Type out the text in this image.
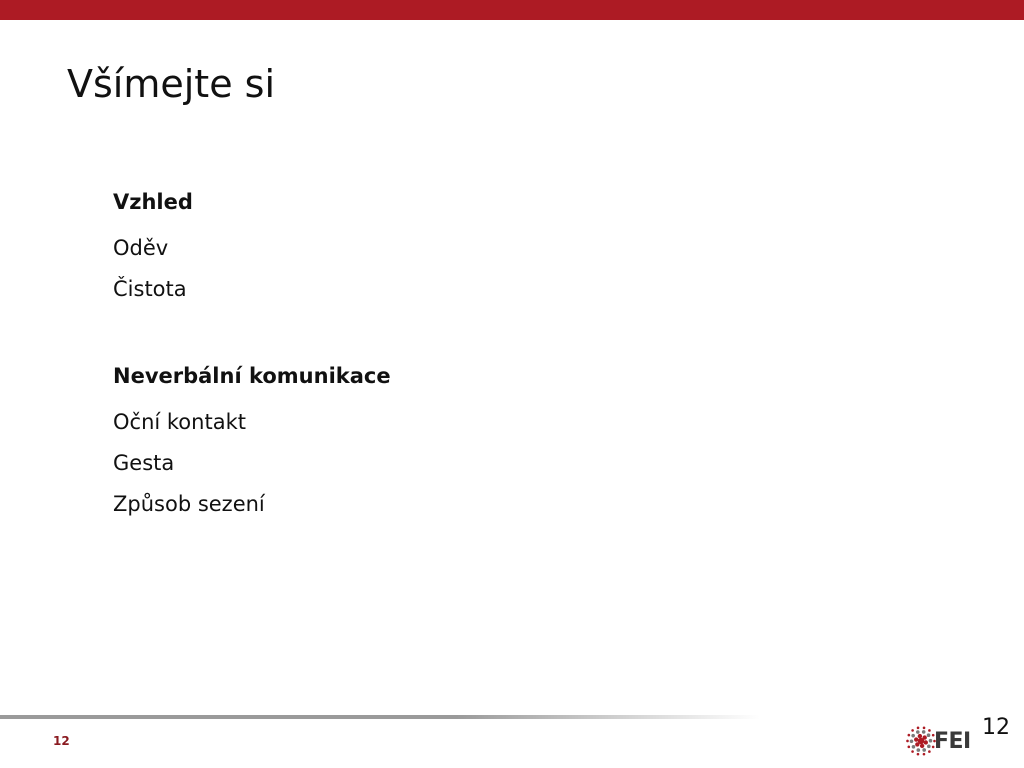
Všímejte si
Vzhled
Oděv
Čistota
Neverbální komunikace
Oční kontakt
Gesta
Způsob sezení
12
12
FEI
